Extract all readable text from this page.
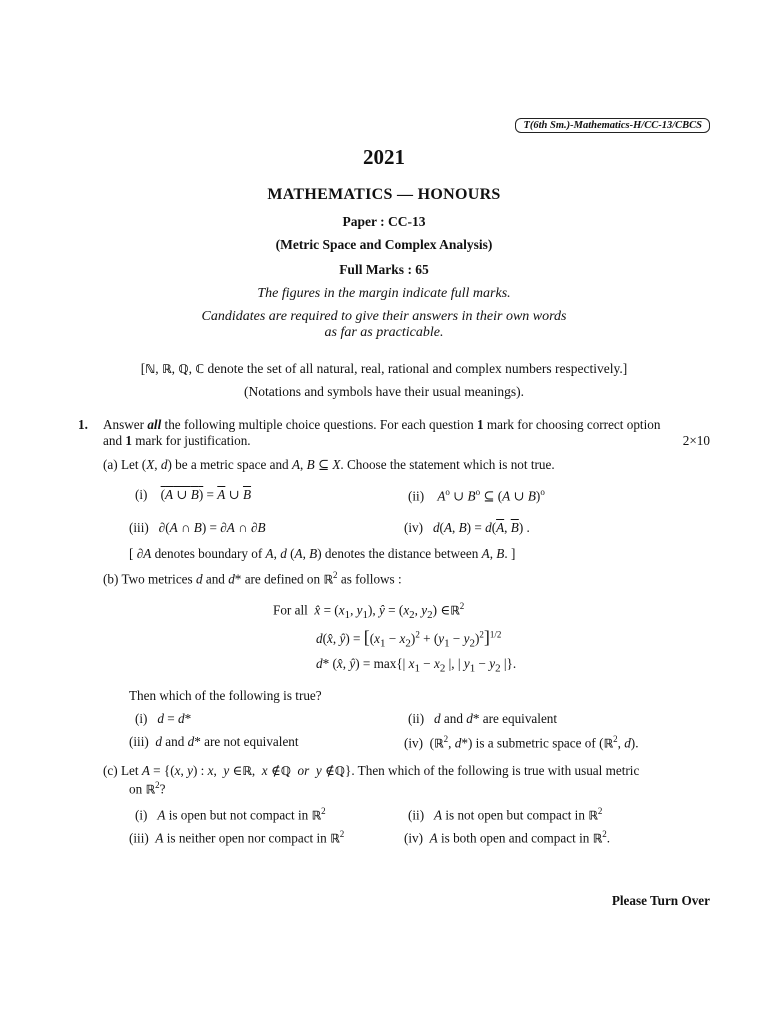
T(6th Sm.)-Mathematics-H/CC-13/CBCS
2021
MATHEMATICS — HONOURS
Paper : CC-13
(Metric Space and Complex Analysis)
Full Marks : 65
The figures in the margin indicate full marks.
Candidates are required to give their answers in their own words
as far as practicable.
[ℕ, ℝ, ℚ, ℂ denote the set of all natural, real, rational and complex numbers respectively.]
(Notations and symbols have their usual meanings).
1. Answer all the following multiple choice questions. For each question 1 mark for choosing correct option
and 1 mark for justification.	2×10
(a) Let (X, d) be a metric space and A, B ⊆ X. Choose the statement which is not true.
(i) (A ∪ $B) = \overline{A}$ ∪ $\overline{B}$	(ii) $A^o$ ∪ $B^o$ ⊆ (A ∪ B)$^o$
(iii)   ∂(A ∩ B) = ∂A ∩ ∂B	(iv) d(A, $B) = d(\overline{A}$, $\overline{B}$) .
[ ∂A denotes boundary of A, d (A, B) denotes the distance between A, B. ]
(b) Two metrices d and d* are defined on ℝ$^2$ as follows :
For all x̂ = ($x_1$, $y_1$), ŷ = ($x_2$, $y_2$) ∈ℝ$^2$
d(x̂, ŷ) = $[(x_1 - x_2)^2 + (y_1 - y_2)^2]^{1/2}$
d* (x̂, ŷ) = max{| $x_1 - x_2$ |, | $y_1 - y_2$ |}.
Then which of the following is true?
(i) d = d*	(ii) d and d* are equivalent
(iii) d and d* are not equivalent	(iv)  (ℝ$^2$, d*) is a submetric space of (ℝ$^2$, d).
(c) Let A = {(x, y) : x,  y ∈ℝ,  x ∉ℚ or y ∉ℚ}. Then which of the following is true with usual metric
on ℝ$^2$?
(i) A is open but not compact in ℝ$^2$	(ii) A is not open but compact in ℝ$^2$
(iii) A is neither open nor compact in ℝ$^2$	(iv) A is both open and compact in ℝ$^2$.
Please Turn Over
